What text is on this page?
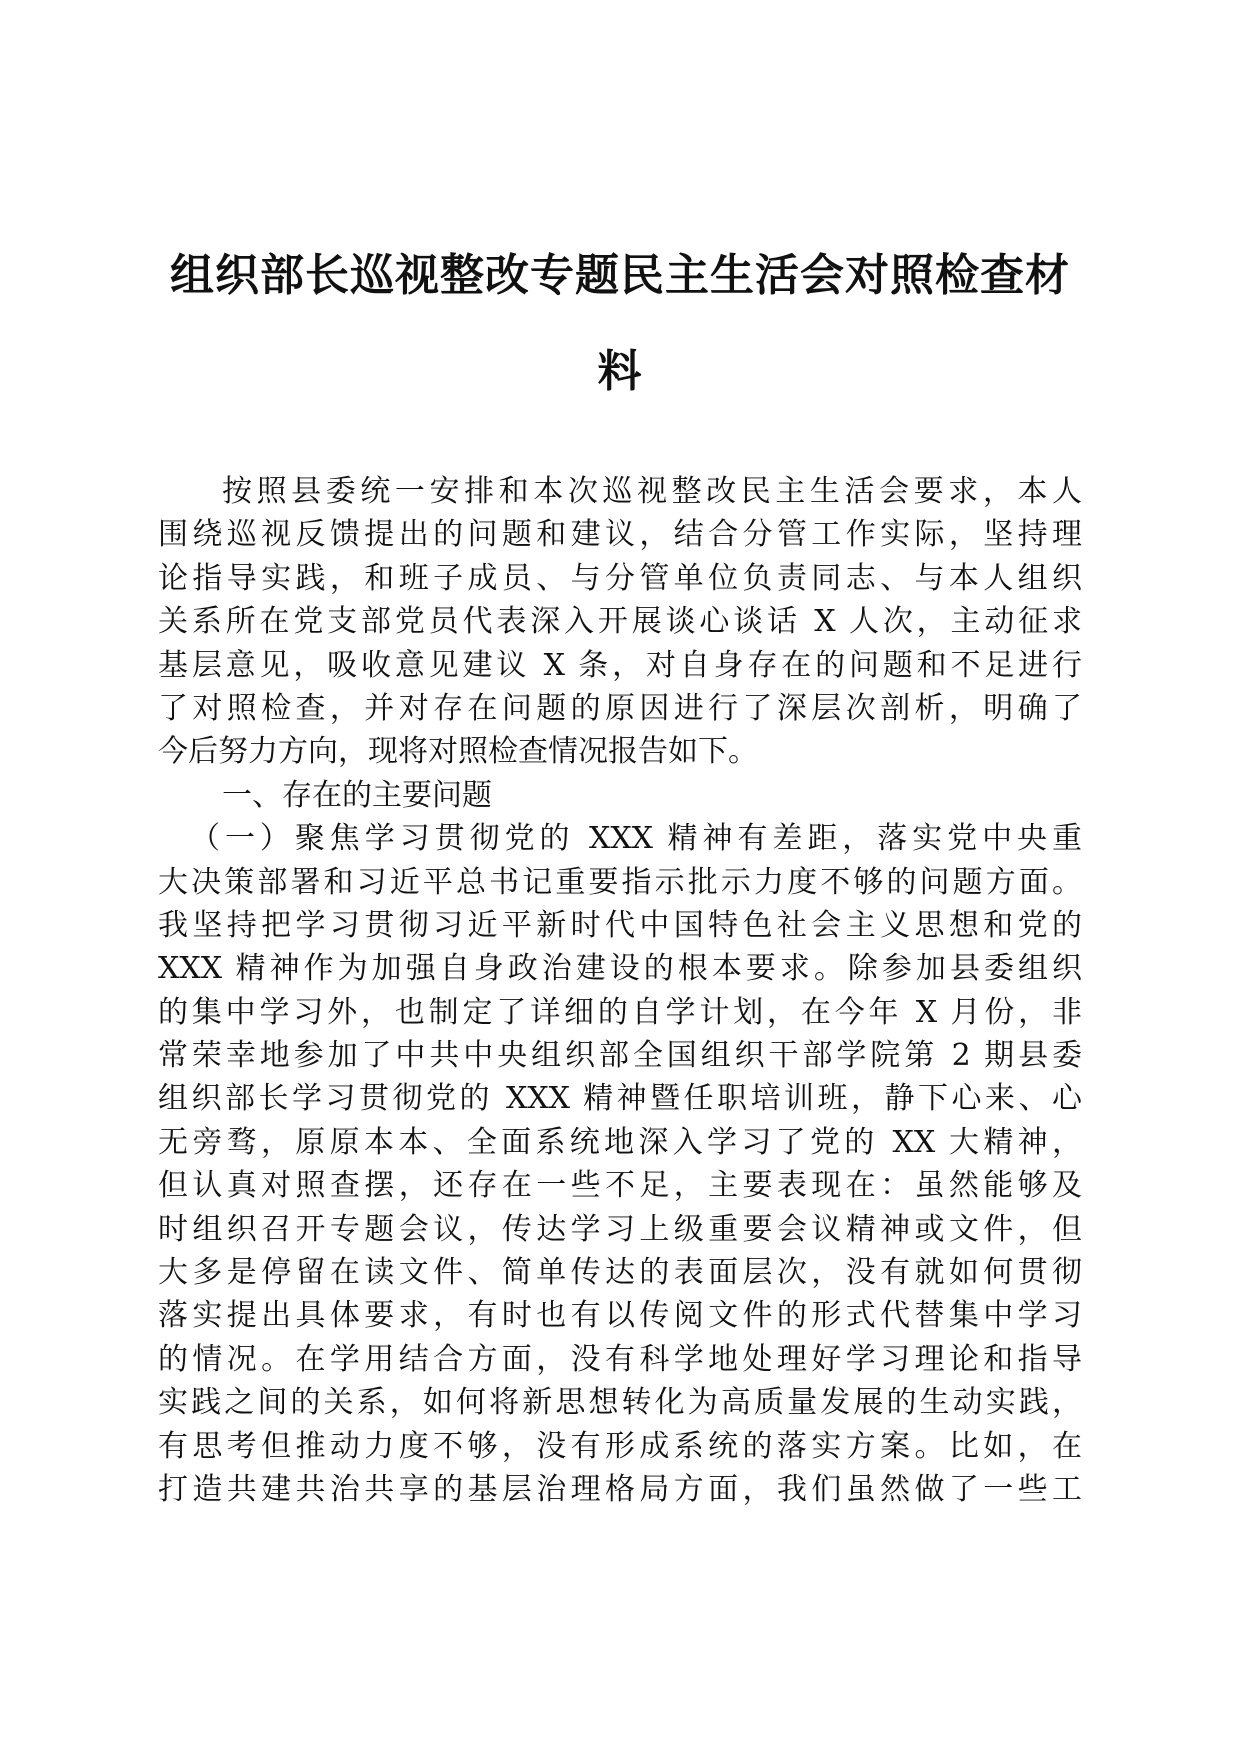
组织部长巡视整改专题民主生活会对照检查材
料
按照县委统一安排和本次巡视整改民主生活会要求，本人
围绕巡视反馈提出的问题和建议，结合分管工作实际，坚持理
论指导实践，和班子成员、与分管单位负责同志、与本人组织
关系所在党支部党员代表深入开展谈心谈话 X 人次，主动征求
基层意见，吸收意见建议 X 条，对自身存在的问题和不足进行
了对照检查，并对存在问题的原因进行了深层次剖析，明确了
今后努力方向，现将对照检查情况报告如下。
一、存在的主要问题
（一）聚焦学习贯彻党的 XXX 精神有差距，落实党中央重
大决策部署和习近平总书记重要指示批示力度不够的问题方面。
我坚持把学习贯彻习近平新时代中国特色社会主义思想和党的
XXX 精神作为加强自身政治建设的根本要求。除参加县委组织
的集中学习外，也制定了详细的自学计划，在今年 X 月份，非
常荣幸地参加了中共中央组织部全国组织干部学院第 2 期县委
组织部长学习贯彻党的 XXX 精神暨任职培训班，静下心来、心
无旁骛，原原本本、全面系统地深入学习了党的 XX 大精神，
但认真对照查摆，还存在一些不足，主要表现在：虽然能够及
时组织召开专题会议，传达学习上级重要会议精神或文件，但
大多是停留在读文件、简单传达的表面层次，没有就如何贯彻
落实提出具体要求，有时也有以传阅文件的形式代替集中学习
的情况。在学用结合方面，没有科学地处理好学习理论和指导
实践之间的关系，如何将新思想转化为高质量发展的生动实践，
有思考但推动力度不够，没有形成系统的落实方案。比如，在
打造共建共治共享的基层治理格局方面，我们虽然做了一些工
